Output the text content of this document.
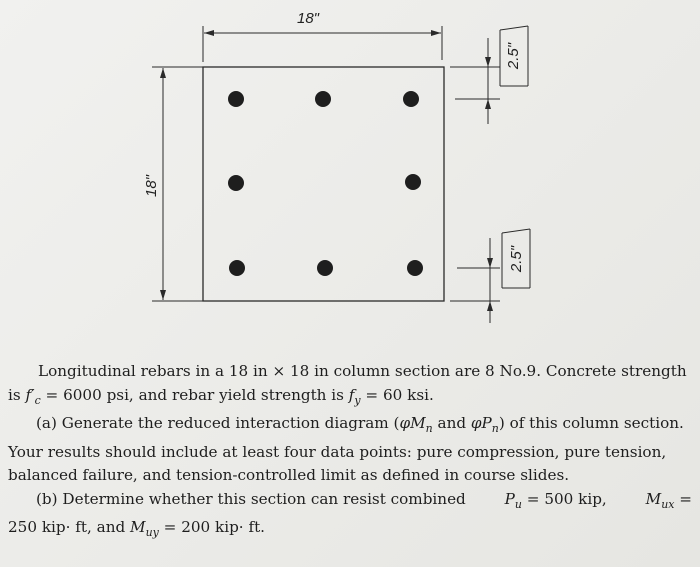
18"
18"
2.5"
2.5"
Longitudinal rebars in a 18 in × 18 in column section are 8 No.9. Concrete strength
is $f'_c = 6000$ psi, and rebar yield strength is $f_y = 60$ ksi.
(a) Generate the reduced interaction diagram ($\varphi M_n$ and $\varphi P_n$) of this column section.
Your results should include at least four data points: pure compression, pure tension,
balanced failure, and tension-controlled limit as defined in course slides.
(b) Determine whether this section can resist combined	$P_u = 500$ kip,	$M_{ux}$ =
250 kip· ft, and $M_{uy} = 200$ kip· ft.
